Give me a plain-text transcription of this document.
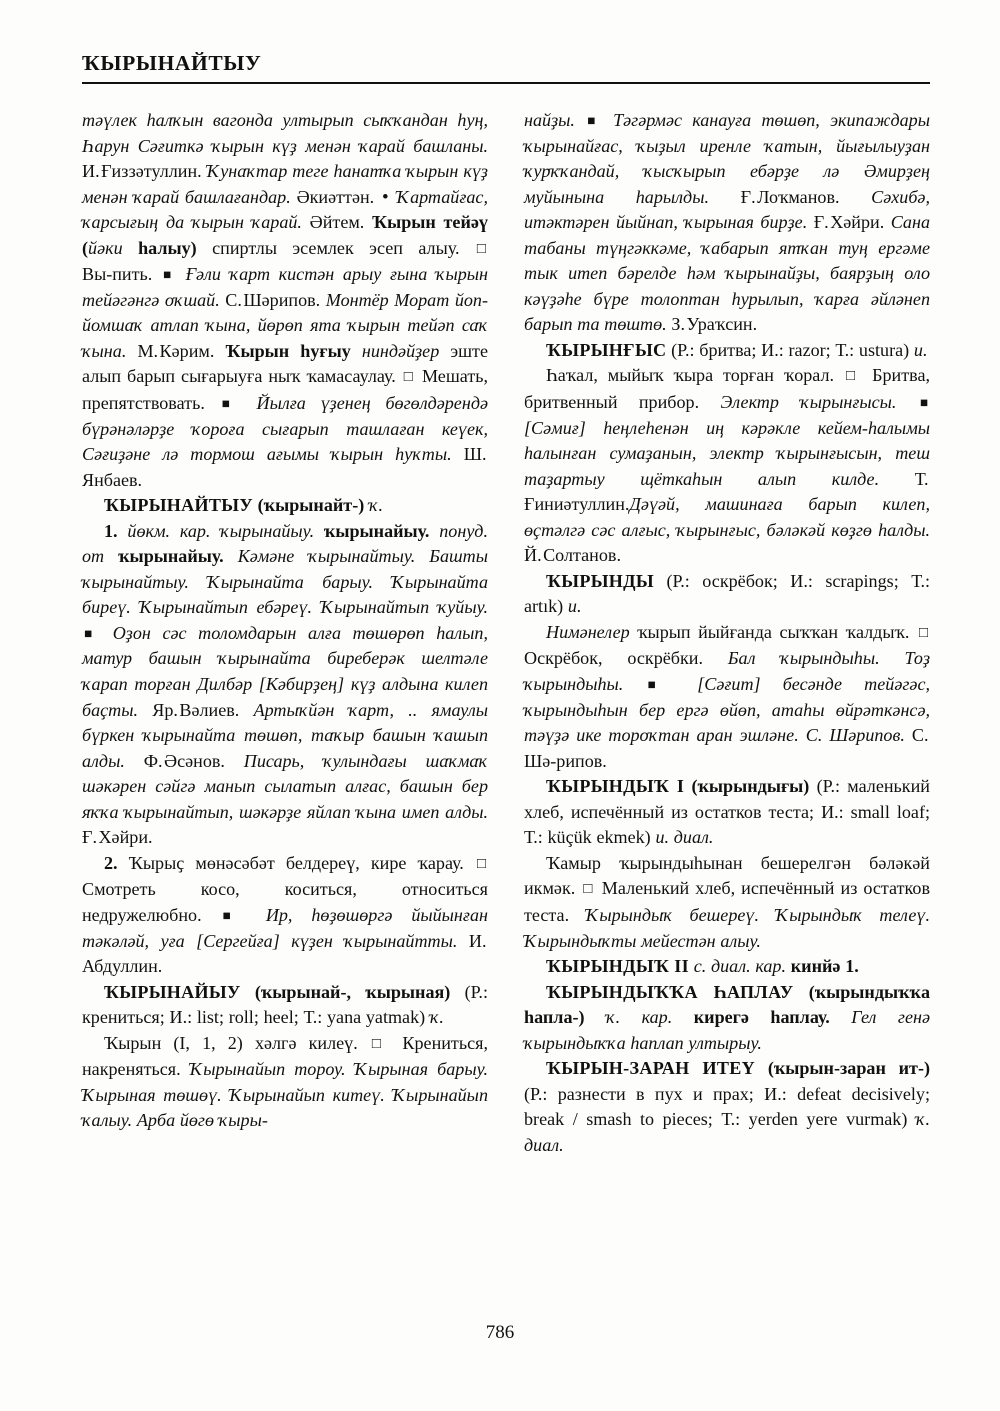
ҠЫРЫНАЙТЫУ

тәүлек һалҡын вагонда ултырып сыҡҡандан һуң, Һарун Сәғиткә ҡырын күҙ менән ҡарай башланы. И. Ғиззәтуллин. Ҡунаҡтар теге һанатҡа ҡырын күҙ менән ҡарай башлағандар. Әкиәттән. • Ҡартайғас, ҡарсығың да ҡырын ҡарай. Әйтем. Ҡырын тейәү (йәки һалыу) спиртлы эсемлек эсеп алыу. □ Вы‑пить. ■ Ғәли ҡарт кистән арыу ғына ҡырын тейәгәнгә оҡшай. С. Шәрипов. Монтёр Морат йоп-йомшаҡ атлап ҡына, йөрөп ята ҡырын тейәп саҡ ҡына. М. Кәрим. Ҡырын һуғыу ниндәйҙер эште алып барып сығарыуға ныҡ ҡамасаулау. □ Мешать, препятствовать. ■ Йылға үҙенең бөгөлдәрендә бүрәнәләрҙе ҡороға сығарып ташлаған кеүек, Сәғиҙәне лә тормош ағымы ҡырын һуҡты. Ш. Янбаев.

ҠЫРЫНАЙТЫУ (ҡырынайт-) ҡ.

1. йөкм. кар. ҡырынайыу. ҡырынайыу. понуд. от ҡырынайыу. Кәмәне ҡырынайтыу. Башты ҡырынайтыу. Ҡырынайта барыу. Ҡырынайта биреү. Ҡырынайтып ебәреү. Ҡырынайтып ҡуйыу. ■ Оҙон сәс толомдарын алға төшөрөп һалып, матур башын ҡырынайта биреберәк шелтәле ҡарап торған Дилбәр [Кәбирҙең] күҙ алдына килеп баҫты. Яр. Вәлиев. Артыҡйән ҡарт, .. ямаулы бүркен ҡырынайта төшөп, таҡыр башын ҡашып алды. Ф. Әсәнов. Писарь, ҡулындағы шаҡмаҡ шәкәрен сәйгә манып сылатып алғас, башын бер яҡҡа ҡырынайтып, шәкәрҙе яйлап ҡына имеп алды. Ғ. Хәйри.

2. Ҡырыҫ мөнәсәбәт белдереү, кире ҡарау. □ Смотреть косо, коситься, относиться недружелюбно. ■ Ир, һөҙөшөргә йыйынған тәкәләй, уға [Сергейға] күҙен ҡырынайтты. И. Абдуллин.

ҠЫРЫНАЙЫУ (ҡырынай-, ҡырыная) (Р.: крениться; И.: list; roll; heel; Т.: yana yatmak) ҡ.

Ҡырын (I, 1, 2) хәлгә килеү. □ Крениться, накреняться. Ҡырынайып тороу. Ҡырыная барыу. Ҡырыная төшөү. Ҡырынайып китеү. Ҡырынайып ҡалыу. Арба йөгө ҡыры-

найҙы. ■ Тәгәрмәс канауға төшөп, экипаждары ҡырынайғас, ҡыҙыл иренле ҡатын, йығылыуҙан ҡурҡҡандай, ҡысҡырып ебәрҙе лә Әмирҙең муйынына һарылды. Ғ. Лоҡманов. Сәхибә, итәктәрен йыйнап, ҡырыная бирҙе. Ғ. Хәйри. Сана табаны түңгәккәме, ҡабарып ятҡан туң ергәме тык итеп бәрелде һәм ҡырынайҙы, баярҙың оло кәүҙәһе бүре толоптан һурылып, ҡарға әйләнеп барып та төштө. З. Ураҡсин.

ҠЫРЫНҒЫС (Р.: бритва; И.: razor; Т.: ustura) и.

Һаҡал, мыйыҡ ҡыра торған ҡорал. □ Бритва, бритвенный прибор. Электр ҡырынғысы. ■ [Сәмиғ] һеңлеһенән иң кәрәкле кейем-һалымы һалынған сумаҙанын, электр ҡырынғысын, теш таҙартыу щёткаһын алып килде. Т. Ғиниәтуллин.Дәүәй, машинаға барып килеп, өҫтәлгә сәс алғыс, ҡырынғыс, бәләкәй көҙгө һалды. Й. Солтанов.

ҠЫРЫНДЫ (Р.: оскрёбок; И.: scrapings; Т.: artık) и.

Нимәнелер ҡырып йыйғанда сыҡҡан ҡалдыҡ. □ Оскрёбок, оскрёбки. Бал ҡырындыһы. Тоҙ ҡырындыһы. ■ [Сәғит] бесәнде тейәгәс, ҡырындыһын бер ергә өйөп, атаһы өйрәткәнсә, тәүҙә ике тороҡтан аран эшләне. С. Шәрипов. С. Шә‑рипов.

ҠЫРЫНДЫҠ I (ҡырындығы) (Р.: маленький хлеб, испечённый из остатков теста; И.: small loaf; Т.: küçük ekmek) и. диал.

Ҡамыр ҡырындыһынан бешерелгән бәләкәй икмәк. □ Маленький хлеб, испечённый из остатков теста. Ҡырындыҡ бешереү. Ҡырындыҡ телеү. Ҡырындыҡты мейестән алыу.

ҠЫРЫНДЫҠ II с. диал. кар. кинйә 1.

ҠЫРЫНДЫҠҠА ҺАПЛАУ (ҡырындыҡҡа һапла-) ҡ. кар. кирегә һаплау. Гел генә ҡырындыҡҡа һаплап ултырыу.

ҠЫРЫН-ЗАРАН ИТЕҮ (ҡырын-заран ит-) (Р.: разнести в пух и прах; И.: defeat decisively; break / smash to pieces; Т.: yerden yere vurmak) ҡ. диал.

786
